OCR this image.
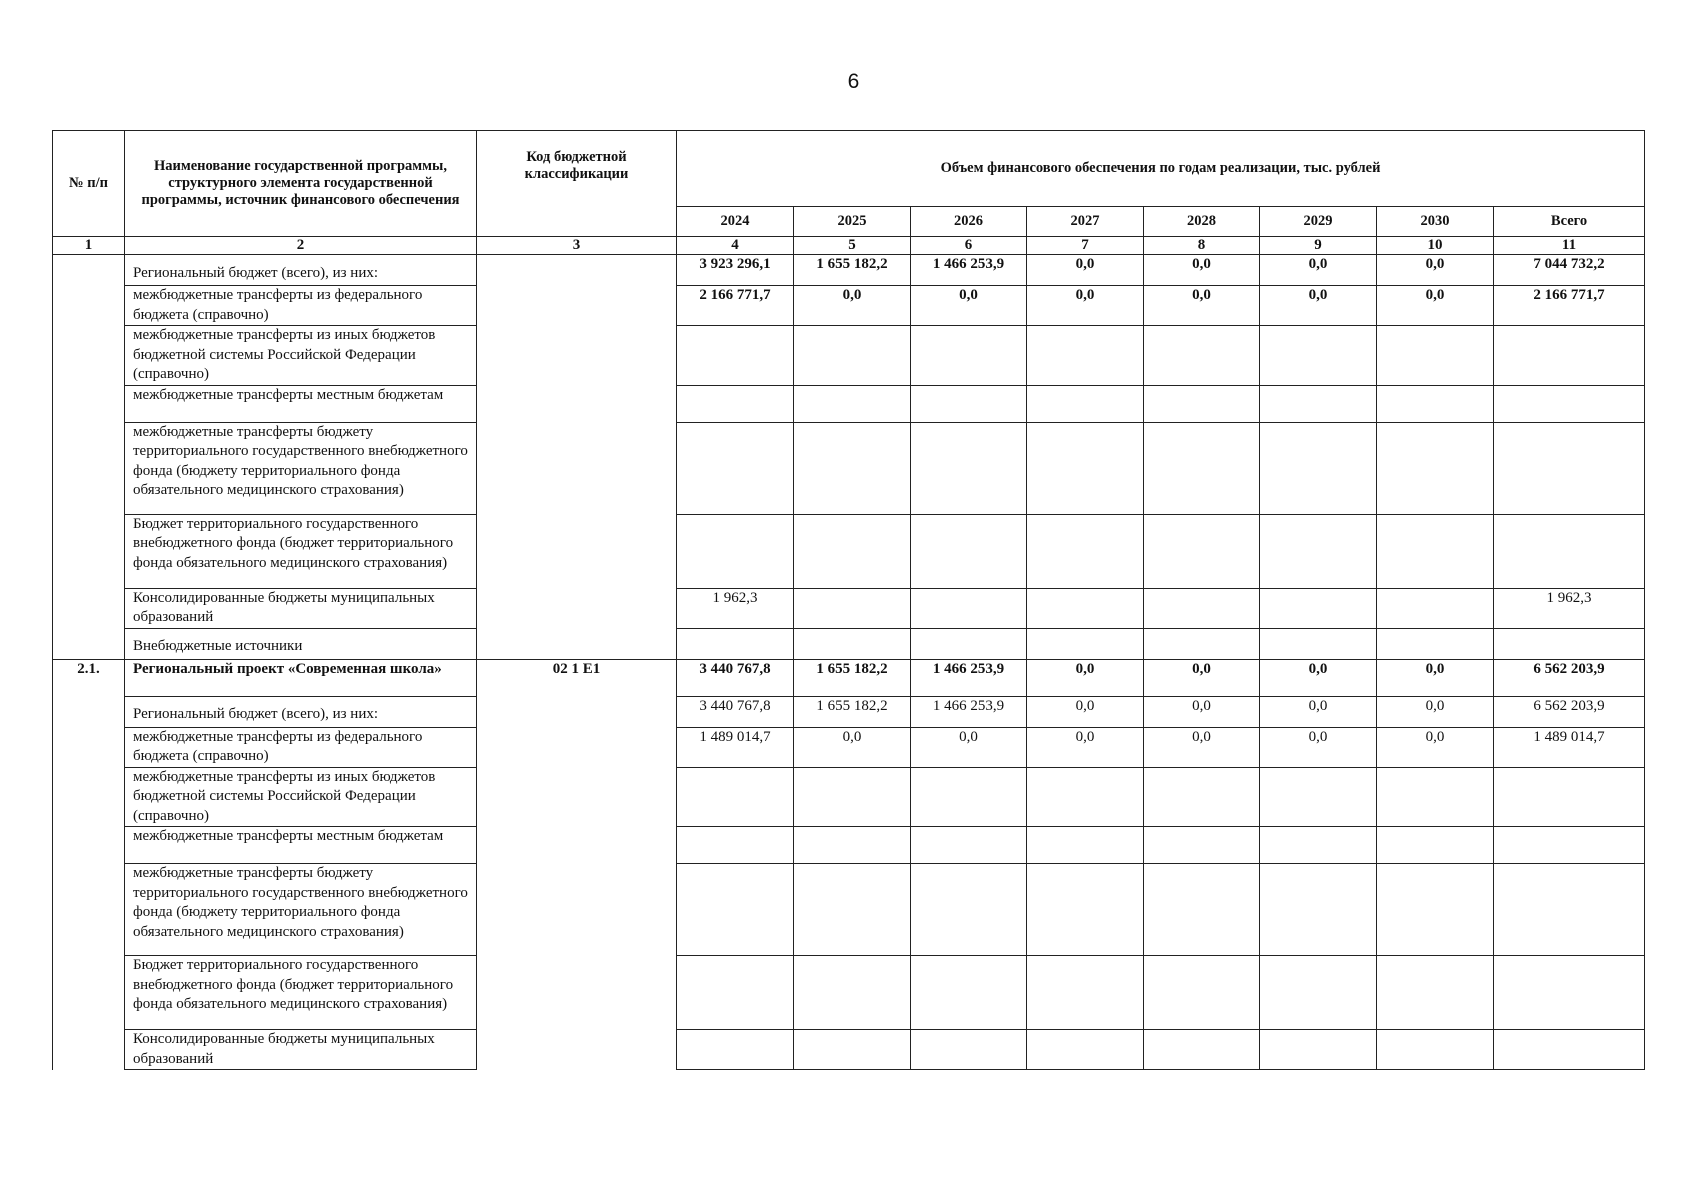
6
№ п/п	Наименование государственной программы, структурного элемента государственной программы, источник финансового обеспечения	Код бюджетной классификации	Объем финансового обеспечения по годам реализации, тыс. рублей							
			2024	2025	2026	2027	2028	2029	2030	Всего
1	2	3	4	5	6	7	8	9	10	11
	Региональный бюджет (всего), из них:		3 923 296,1	1 655 182,2	1 466 253,9	0,0	0,0	0,0	0,0	7 044 732,2
	межбюджетные трансферты из федерального бюджета (справочно)		2 166 771,7	0,0	0,0	0,0	0,0	0,0	0,0	2 166 771,7
	межбюджетные трансферты из иных бюджетов бюджетной системы Российской Федерации (справочно)									
	межбюджетные трансферты местным бюджетам									
	межбюджетные трансферты бюджету территориального государственного внебюджетного фонда (бюджету территориального фонда обязательного медицинского страхования)									
	Бюджет территориального государственного внебюджетного фонда (бюджет территориального фонда обязательного медицинского страхования)									
	Консолидированные бюджеты муниципальных образований		1 962,3							1 962,3
	Внебюджетные источники									
2.1.	Региональный проект «Современная школа»	02 1 Е1	3 440 767,8	1 655 182,2	1 466 253,9	0,0	0,0	0,0	0,0	6 562 203,9
	Региональный бюджет (всего), из них:		3 440 767,8	1 655 182,2	1 466 253,9	0,0	0,0	0,0	0,0	6 562 203,9
	межбюджетные трансферты из федерального бюджета (справочно)		1 489 014,7	0,0	0,0	0,0	0,0	0,0	0,0	1 489 014,7
	межбюджетные трансферты из иных бюджетов бюджетной системы Российской Федерации (справочно)									
	межбюджетные трансферты местным бюджетам									
	межбюджетные трансферты бюджету территориального государственного внебюджетного фонда (бюджету территориального фонда обязательного медицинского страхования)									
	Бюджет территориального государственного внебюджетного фонда (бюджет территориального фонда обязательного медицинского страхования)									
	Консолидированные бюджеты муниципальных образований									
